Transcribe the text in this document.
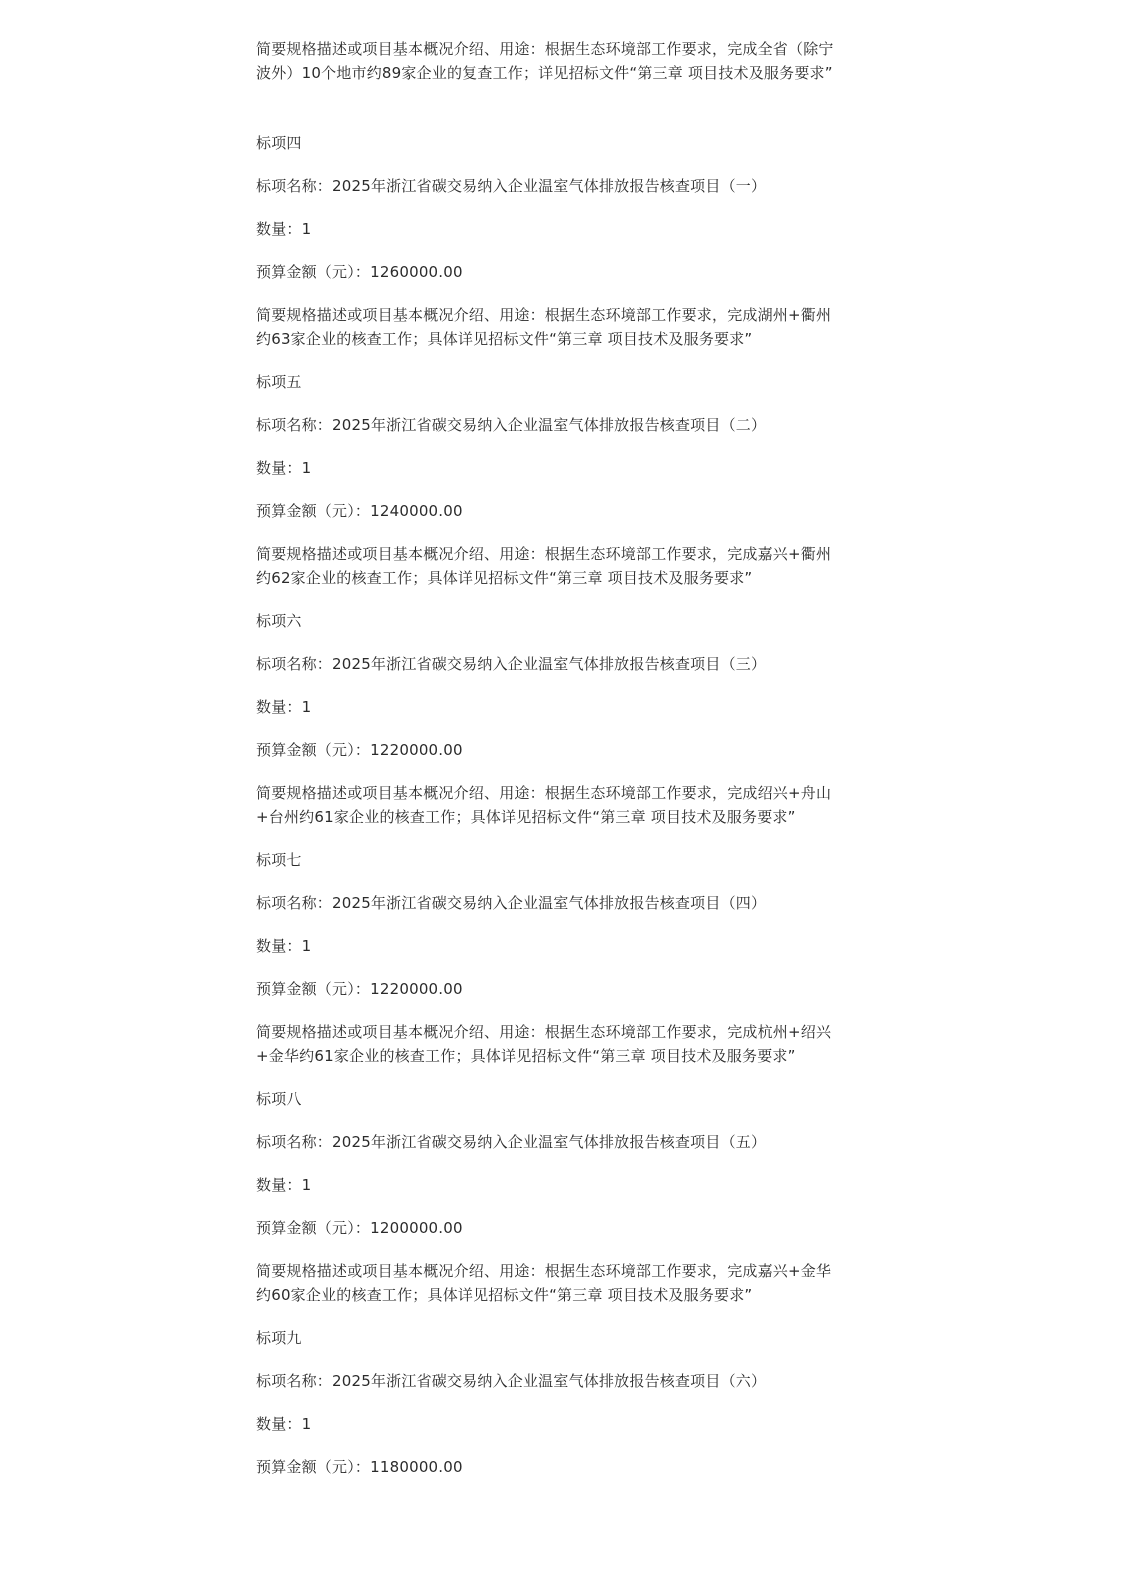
简要规格描述或项目基本概况介绍、用途：根据生态环境部工作要求，完成全省（除宁
波外）10个地市约89家企业的复查工作；详见招标文件“第三章 项目技术及服务要求”

标项四

标项名称：2025年浙江省碳交易纳入企业温室气体排放报告核查项目（一）

数量：1

预算金额（元）：1260000.00

简要规格描述或项目基本概况介绍、用途：根据生态环境部工作要求，完成湖州+衢州
约63家企业的核查工作；具体详见招标文件“第三章 项目技术及服务要求”

标项五

标项名称：2025年浙江省碳交易纳入企业温室气体排放报告核查项目（二）

数量：1

预算金额（元）：1240000.00

简要规格描述或项目基本概况介绍、用途：根据生态环境部工作要求，完成嘉兴+衢州
约62家企业的核查工作；具体详见招标文件“第三章 项目技术及服务要求”

标项六

标项名称：2025年浙江省碳交易纳入企业温室气体排放报告核查项目（三）

数量：1

预算金额（元）：1220000.00

简要规格描述或项目基本概况介绍、用途：根据生态环境部工作要求，完成绍兴+舟山
+台州约61家企业的核查工作；具体详见招标文件“第三章 项目技术及服务要求”

标项七

标项名称：2025年浙江省碳交易纳入企业温室气体排放报告核查项目（四）

数量：1

预算金额（元）：1220000.00

简要规格描述或项目基本概况介绍、用途：根据生态环境部工作要求，完成杭州+绍兴
+金华约61家企业的核查工作；具体详见招标文件“第三章 项目技术及服务要求”

标项八

标项名称：2025年浙江省碳交易纳入企业温室气体排放报告核查项目（五）

数量：1

预算金额（元）：1200000.00

简要规格描述或项目基本概况介绍、用途：根据生态环境部工作要求，完成嘉兴+金华
约60家企业的核查工作；具体详见招标文件“第三章 项目技术及服务要求”

标项九

标项名称：2025年浙江省碳交易纳入企业温室气体排放报告核查项目（六）

数量：1

预算金额（元）：1180000.00
